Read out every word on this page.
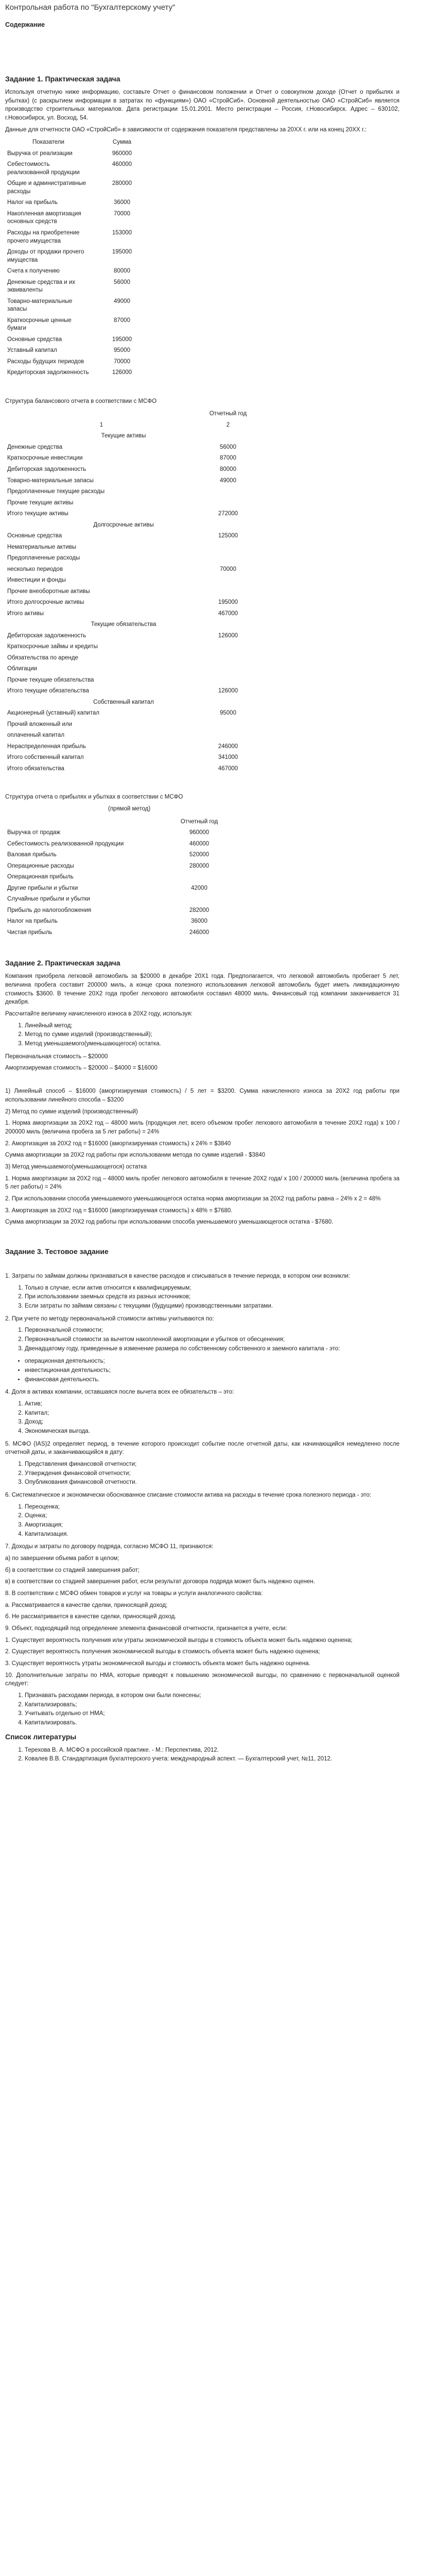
Контрольная работа по "Бухгалтерскому учету"
Содержание
Задание 1. Практическая задача

Используя отчетную ниже информацию, составьте Отчет о финансовом положении и Отчет о совокупном доходе (Отчет о прибылях и убытках) (с раскрытием информации в затратах по «функциям») ОАО «СтройСиб». Основной деятельностью ОАО «СтройСиб» является производство строительных материалов. Дата регистрации 15.01.2001. Место регистрации – Россия, г.Новосибирск. Адрес – 630102, г.Новосибирск, ул. Восход, 54.

Данные для отчетности ОАО «СтройСиб» в зависимости от содержания показателя представлены за 20ХХ г. или на конец 20ХХ г.:

Показатели	Сумма
Выручка от реализации	960000
Себестоимость реализованной продукции	460000
Общие и административные расходы	280000
Налог на прибыль	36000
Накопленная амортизация основных средств	70000
Расходы на приобретение прочего имущества	153000
Доходы от продажи прочего имущества	195000
Счета к получению	80000
Денежные средства и их эквиваленты	56000
Товарно-материальные запасы	49000
Краткосрочные ценные бумаги	87000
Основные средства	195000
Уставный капитал	95000
Расходы будущих периодов	70000
Кредиторская задолженность	126000

Структура балансового отчета в соответствии с МСФО

	Отчетный год
1	2
Текущие активы	
Денежные средства	56000
Краткосрочные инвестиции	87000
Дебиторская задолженность	80000
Товарно-материальные запасы	49000
Предоплаченные текущие расходы	
Прочие текущие активы	
Итого текущие активы	272000
Долгосрочные активы	
Основные средства	125000
Нематериальные активы	
Предоплаченные расходы	
несколько периодов	70000
Инвестиции и фонды	
Прочие внеоборотные активы	
Итого долгосрочные активы	195000
Итого активы	467000
Текущие обязательства	
Дебиторская задолженность	126000
Краткосрочные займы и кредиты	
Обязательства по аренде	
Облигации	
Прочие текущие обязательства	
Итого текущие обязательства	126000
Собственный капитал	
Акционерный (уставный) капитал	95000
Прочий вложенный или	
оплаченный капитал	
Нераспределенная прибыль	246000
Итого собственный капитал	341000
Итого обязательства	467000

Структура отчета о прибылях и убытках в соответствии с МСФО

(прямой метод)

	Отчетный год
Выручка от продаж	960000
Себестоимость реализованной продукции	460000
Валовая прибыль	520000
Операционные расходы	280000
Операционная прибыль	
Другие прибыли и убытки	42000
Случайные прибыли и убытки	
Прибыль до налогообложения	282000
Налог на прибыль	36000
Чистая прибыль	246000
Задание 2. Практическая задача

Компания приобрела легковой автомобиль за $20000 в декабре 20Х1 года. Предполагается, что легковой автомобиль пробегает 5 лет, величина пробега составит 200000 миль, а конце срока полезного использования легковой автомобиль будет иметь ликвидационную стоимость $3600. В течение 20Х2 года пробег легкового автомобиля составил 48000 миль. Финансовый год компании заканчивается 31 декабря.

Рассчитайте величину начисленного износа в 20Х2 году, используя:

1. Линейный метод;
2. Метод по сумме изделий (производственный);
3. Метод уменьшаемого(уменьшающегося) остатка.

Первоначальная стоимость – $20000

Амортизируемая стоимость – $20000 – $4000 = $16000

1) Линейный способ – $16000 (амортизируемая стоимость) / 5 лет = $3200. Сумма начисленного износа за 20Х2 год работы при использовании линейного способа – $3200

2) Метод по сумме изделий (производственный)

1. Норма амортизации за 20Х2 год – 48000 миль (продукция лет, всего объемом пробег легкового автомобиля в течение 20Х2 года) х 100 / 200000 миль (величина пробега за 5 лет работы) = 24%

2. Амортизация за 20Х2 год = $16000 (амортизируемая стоимость) х 24% = $3840

Сумма амортизации за 20Х2 год работы при использовании метода по сумме изделий - $3840

3) Метод уменьшаемого(уменьшающегося) остатка

1. Норма амортизации за 20Х2 год – 48000 миль пробег легкового автомобиля в течение 20Х2 года/ х 100 / 200000 миль (величина пробега за 5 лет работы) = 24%

2. При использовании способа уменьшаемого уменьшающегося остатка норма амортизации за 20Х2 год работы равна – 24% х 2 = 48%

3. Амортизация за 20Х2 год = $16000 (амортизируемая стоимость) х 48% = $7680.

Сумма амортизации за 20Х2 год работы при использовании способа уменьшаемого уменьшающегося остатка - $7680.

Задание 3. Тестовое задание

1. Затраты по займам должны признаваться в качестве расходов и списываться в течение периода, в котором они возникли:

1. Только в случае, если актив относится к квалифицируемым;
2. При использовании заемных средств из разных источников;
3. Если затраты по займам связаны с текущими (будущими) производственными затратами.

2. При учете по методу первоначальной стоимости активы учитываются по:

1. Первоначальной стоимости;
2. Первоначальной стоимости за вычетом накопленной амортизации и убытков от обесценения;
3. Двенадцатому году, приведенные в изменение размера по собственному собственного и заемного капитала - это:
• операционная деятельность;
• инвестиционная деятельность;
• финансовая деятельность.

4. Доля в активах компании, оставшаяся после вычета всех ее обязательств – это:

1. Актив;
2. Капитал;
3. Доход;
4. Экономическая выгода.

5. МСФО (IAS)2 определяет период, в течение которого происходит событие после отчетной даты, как начинающийся немедленно после отчетной даты, и заканчивающийся в дату:

1. Представления финансовой отчетности;
2. Утверждения финансовой отчетности;
3. Опубликования финансовой отчетности.

6. Систематическое и экономически обоснованное списание стоимости актива на расходы в течение срока полезного периода - это:

1. Переоценка;
2. Оценка;
3. Амортизация;
4. Капитализация.

7. Доходы и затраты по договору подряда, согласно МСФО 11, признаются:

а) по завершении объема работ в целом;

б) в соответствии со стадией завершения работ;

в) в соответствии со стадией завершения работ, если результат договора подряда может быть надежно оценен.

8. В соответствии с МСФО обмен товаров и услуг на товары и услуги аналогичного свойства:

а. Рассматривается в качестве сделки, приносящей доход;

б. Не рассматривается в качестве сделки, приносящей доход.

9. Объект, подходящий под определение элемента финансовой отчетности, признается в учете, если:

1. Существует вероятность получения или утраты экономической выгоды в стоимость объекта может быть надежно оценена;

2. Существует вероятность получения экономической выгоды в стоимость объекта может быть надежно оценена;

3. Существует вероятность утраты экономической выгоды и стоимость объекта может быть надежно оценена.

10. Дополнительные затраты по НМА, которые приводят к повышению экономической выгоды, по сравнению с первоначальной оценкой следует:

1. Признавать расходами периода, в котором они были понесены;
2. Капитализировать;
3. Учитывать отдельно от НМА;
4. Капитализировать.
Список литературы
1. Терехова В. А. МСФО в российской практике. - М.: Перспектива, 2012.
2. Ковалев В.В. Стандартизация бухгалтерского учета: международный аспект. — Бухгалтерский учет, №11, 2012.
